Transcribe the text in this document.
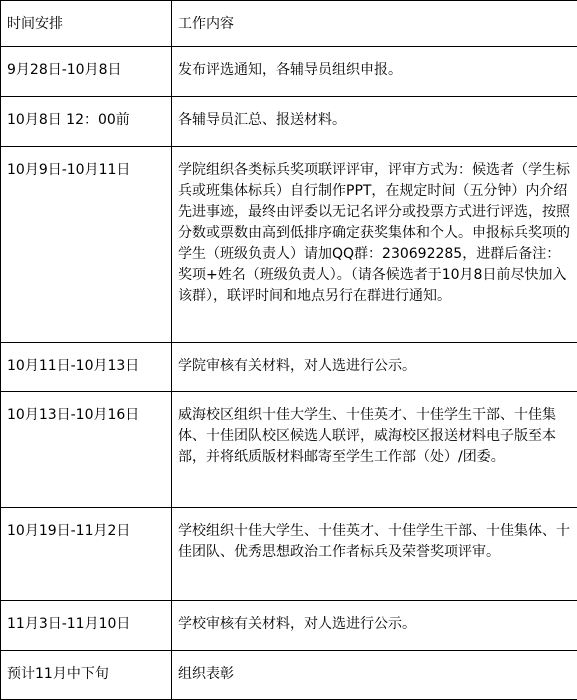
时间安排	工作内容
9月28日-10月8日	发布评选通知，各辅导员组织申报。
10月8日 12：00前	各辅导员汇总、报送材料。
10月9日-10月11日	学院组织各类标兵奖项联评评审，评审方式为：候选者（学生标兵或班集体标兵）自行制作PPT，在规定时间（五分钟）内介绍先进事迹，最终由评委以无记名评分或投票方式进行评选，按照分数或票数由高到低排序确定获奖集体和个人。申报标兵奖项的学生（班级负责人）请加QQ群：230692285，进群后备注：奖项+姓名（班级负责人）。（请各候选者于10月8日前尽快加入该群），联评时间和地点另行在群进行通知。
10月11日-10月13日	学院审核有关材料，对人选进行公示。
10月13日-10月16日	威海校区组织十佳大学生、十佳英才、十佳学生干部、十佳集体、十佳团队校区候选人联评，威海校区报送材料电子版至本部，并将纸质版材料邮寄至学生工作部（处）/团委。
10月19日-11月2日	学校组织十佳大学生、十佳英才、十佳学生干部、十佳集体、十佳团队、优秀思想政治工作者标兵及荣誉奖项评审。
11月3日-11月10日	学校审核有关材料，对人选进行公示。
预计11月中下旬	组织表彰
